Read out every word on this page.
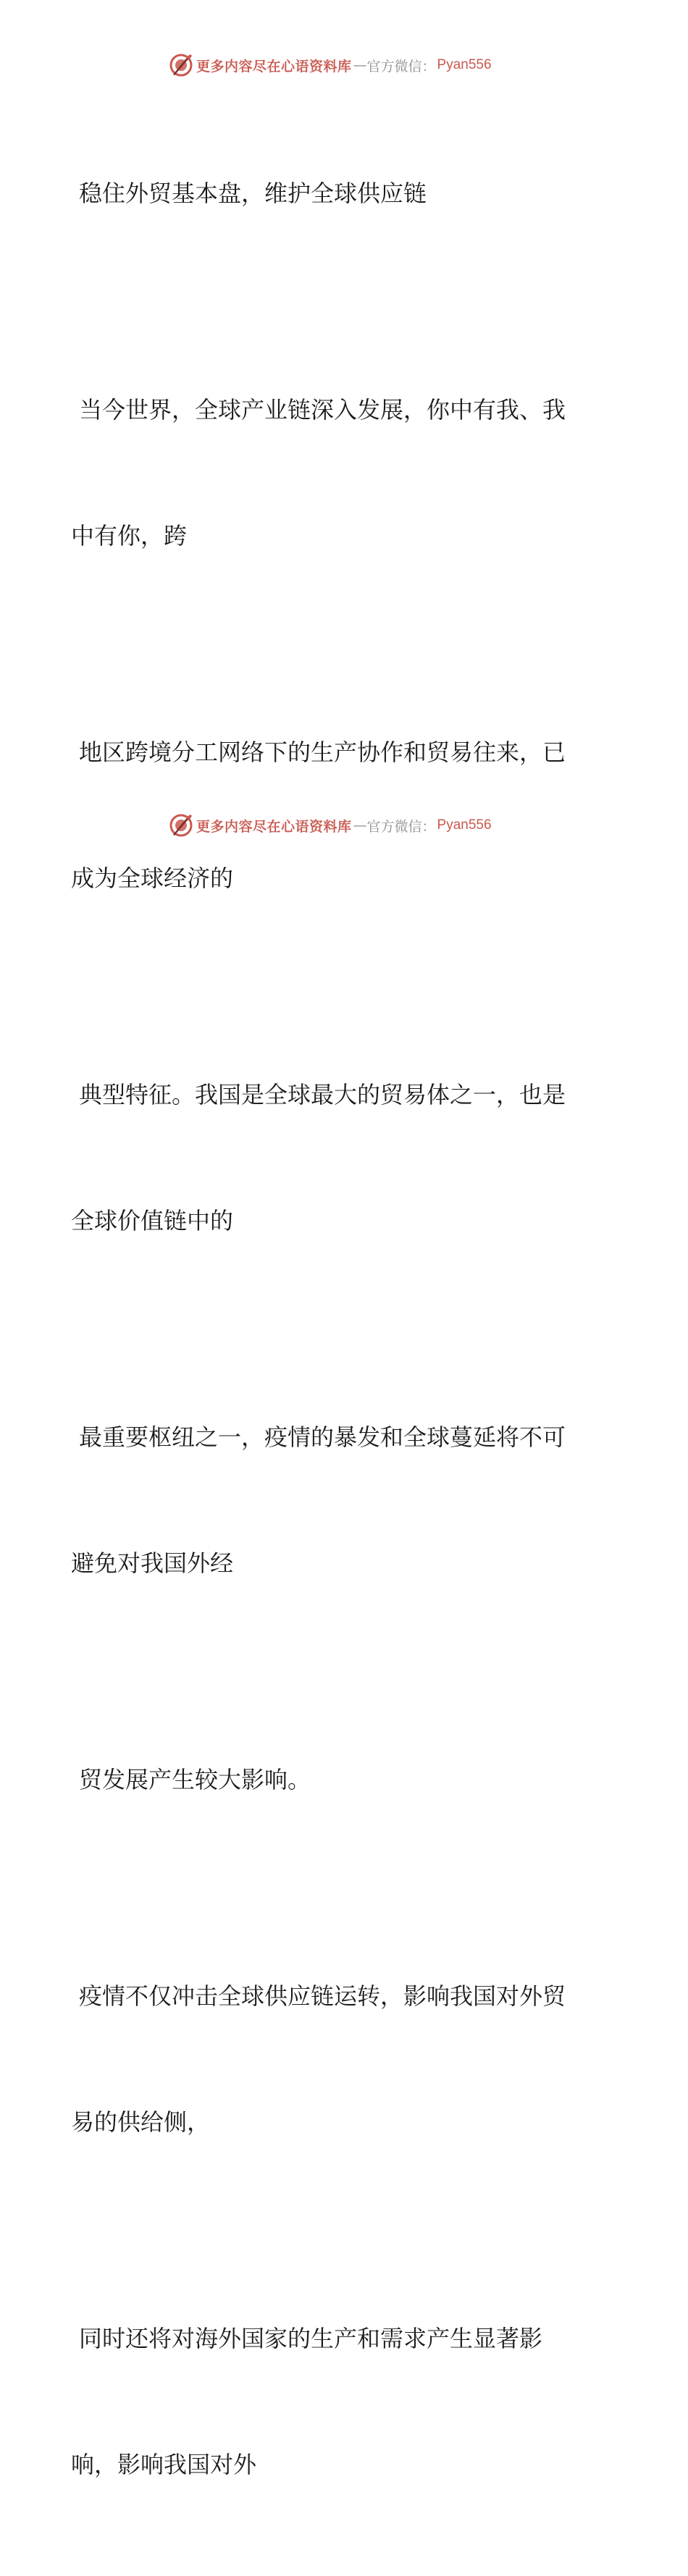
更多内容尽在心语资料库 — 官方微信： Pyan556

稳住外贸基本盘，维护全球供应链

当今世界，全球产业链深入发展，你中有我、我

中有你，跨

地区跨境分工网络下的生产协作和贸易往来，已

成为全球经济的

典型特征。我国是全球最大的贸易体之一，也是

全球价值链中的

最重要枢纽之一，疫情的暴发和全球蔓延将不可

避免对我国外经

贸发展产生较大影响。

疫情不仅冲击全球供应链运转，影响我国对外贸

易的供给侧，

同时还将对海外国家的生产和需求产生显著影

响，影响我国对外

更多内容尽在心语资料库 — 官方微信： Pyan556
